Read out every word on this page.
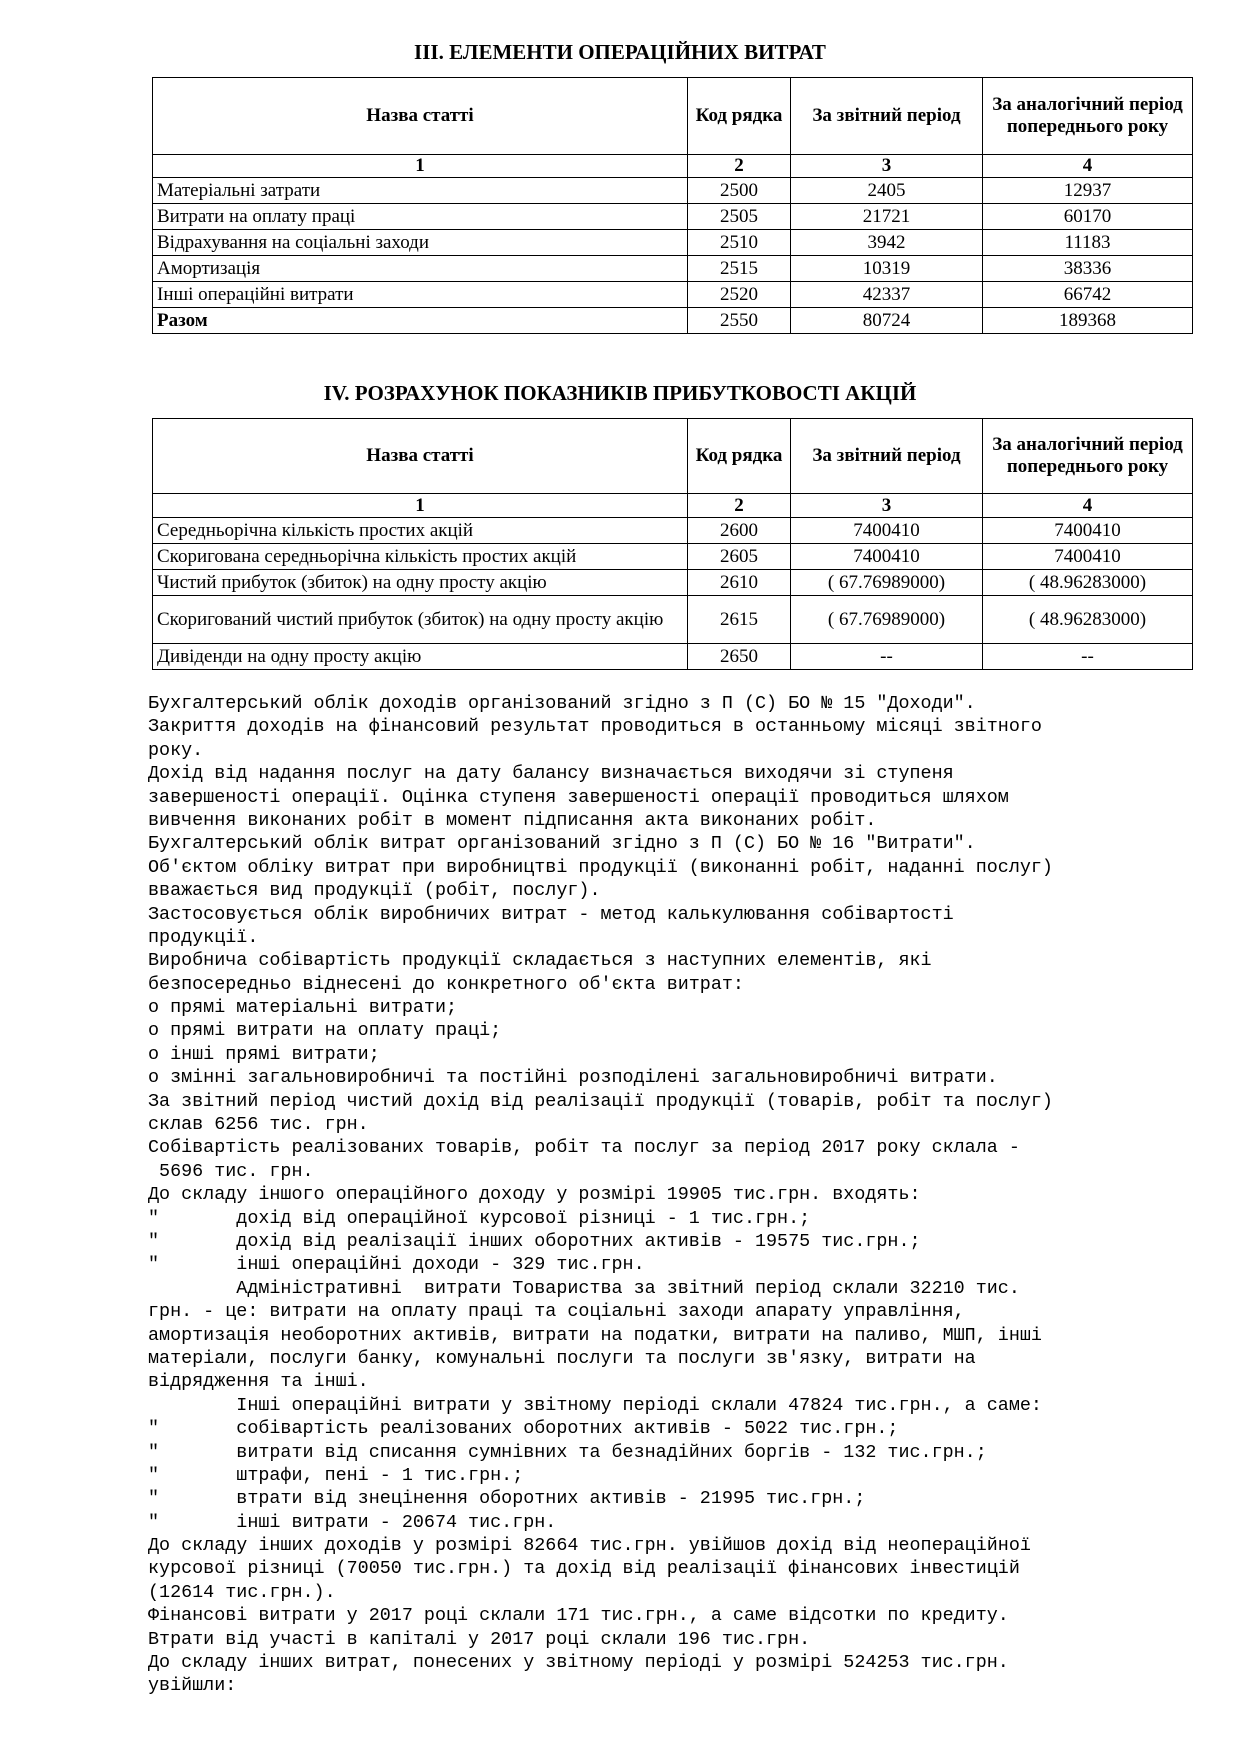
III. ЕЛЕМЕНТИ ОПЕРАЦІЙНИХ ВИТРАТ
Назва статті	Код рядка	За звітний період	За аналогічний період попереднього року
1	2	3	4
Матеріальні затрати	2500	2405	12937
Витрати на оплату праці	2505	21721	60170
Відрахування на соціальні заходи	2510	3942	11183
Амортизація	2515	10319	38336
Інші операційні витрати	2520	42337	66742
Разом	2550	80724	189368
IV. РОЗРАХУНОК ПОКАЗНИКІВ ПРИБУТКОВОСТІ АКЦІЙ
Назва статті	Код рядка	За звітний період	За аналогічний період попереднього року
1	2	3	4
Середньорічна кількість простих акцій	2600	7400410	7400410
Скоригована середньорічна кількість простих акцій	2605	7400410	7400410
Чистий прибуток (збиток) на одну просту акцію	2610	( 67.76989000)	( 48.96283000)
Скоригований чистий прибуток (збиток) на одну просту акцію	2615	( 67.76989000)	( 48.96283000)
Дивіденди на одну просту акцію	2650	--	--
Бухгалтерський облік доходів організований згідно з П (С) БО № 15 "Доходи".
Закриття доходів на фінансовий результат проводиться в останньому місяці звітного
року.
Дохід від надання послуг на дату балансу визначається виходячи зі ступеня
завершеності операції. Оцінка ступеня завершеності операції проводиться шляхом
вивчення виконаних робіт в момент підписання акта виконаних робіт.
Бухгалтерський облік витрат організований згідно з П (С) БО № 16 "Витрати".
Об'єктом обліку витрат при виробництві продукції (виконанні робіт, наданні послуг)
вважається вид продукції (робіт, послуг).
Застосовується облік виробничих витрат - метод калькулювання собівартості
продукції.
Виробнича собівартість продукції складається з наступних елементів, які
безпосередньо віднесені до конкретного об'єкта витрат:
o прямі матеріальні витрати;
o прямі витрати на оплату праці;
o інші прямі витрати;
o змінні загальновиробничі та постійні розподілені загальновиробничі витрати.
За звітний період чистий дохід від реалізації продукції (товарів, робіт та послуг)
склав 6256 тис. грн.
Собівартість реалізованих товарів, робіт та послуг за період 2017 року склала -
5696 тис. грн.
До складу іншого операційного доходу у розмірі 19905 тис.грн. входять:
"       дохід від операційної курсової різниці - 1 тис.грн.;
"       дохід від реалізації інших оборотних активів - 19575 тис.грн.;
"       інші операційні доходи - 329 тис.грн.
Адміністративні  витрати Товариства за звітний період склали 32210 тис.
грн. - це: витрати на оплату праці та соціальні заходи апарату управління,
амортизація необоротних активів, витрати на податки, витрати на паливо, МШП, інші
матеріали, послуги банку, комунальні послуги та послуги зв'язку, витрати на
відрядження та інші.
Інші операційні витрати у звітному періоді склали 47824 тис.грн., а саме:
"       собівартість реалізованих оборотних активів - 5022 тис.грн.;
"       витрати від списання сумнівних та безнадійних боргів - 132 тис.грн.;
"       штрафи, пені - 1 тис.грн.;
"       втрати від знецінення оборотних активів - 21995 тис.грн.;
"       інші витрати - 20674 тис.грн.
До складу інших доходів у розмірі 82664 тис.грн. увійшов дохід від неопераційної
курсової різниці (70050 тис.грн.) та дохід від реалізації фінансових інвестицій
(12614 тис.грн.).
Фінансові витрати у 2017 році склали 171 тис.грн., а саме відсотки по кредиту.
Втрати від участі в капіталі у 2017 році склали 196 тис.грн.
До складу інших витрат, понесених у звітному періоді у розмірі 524253 тис.грн.
увійшли:
